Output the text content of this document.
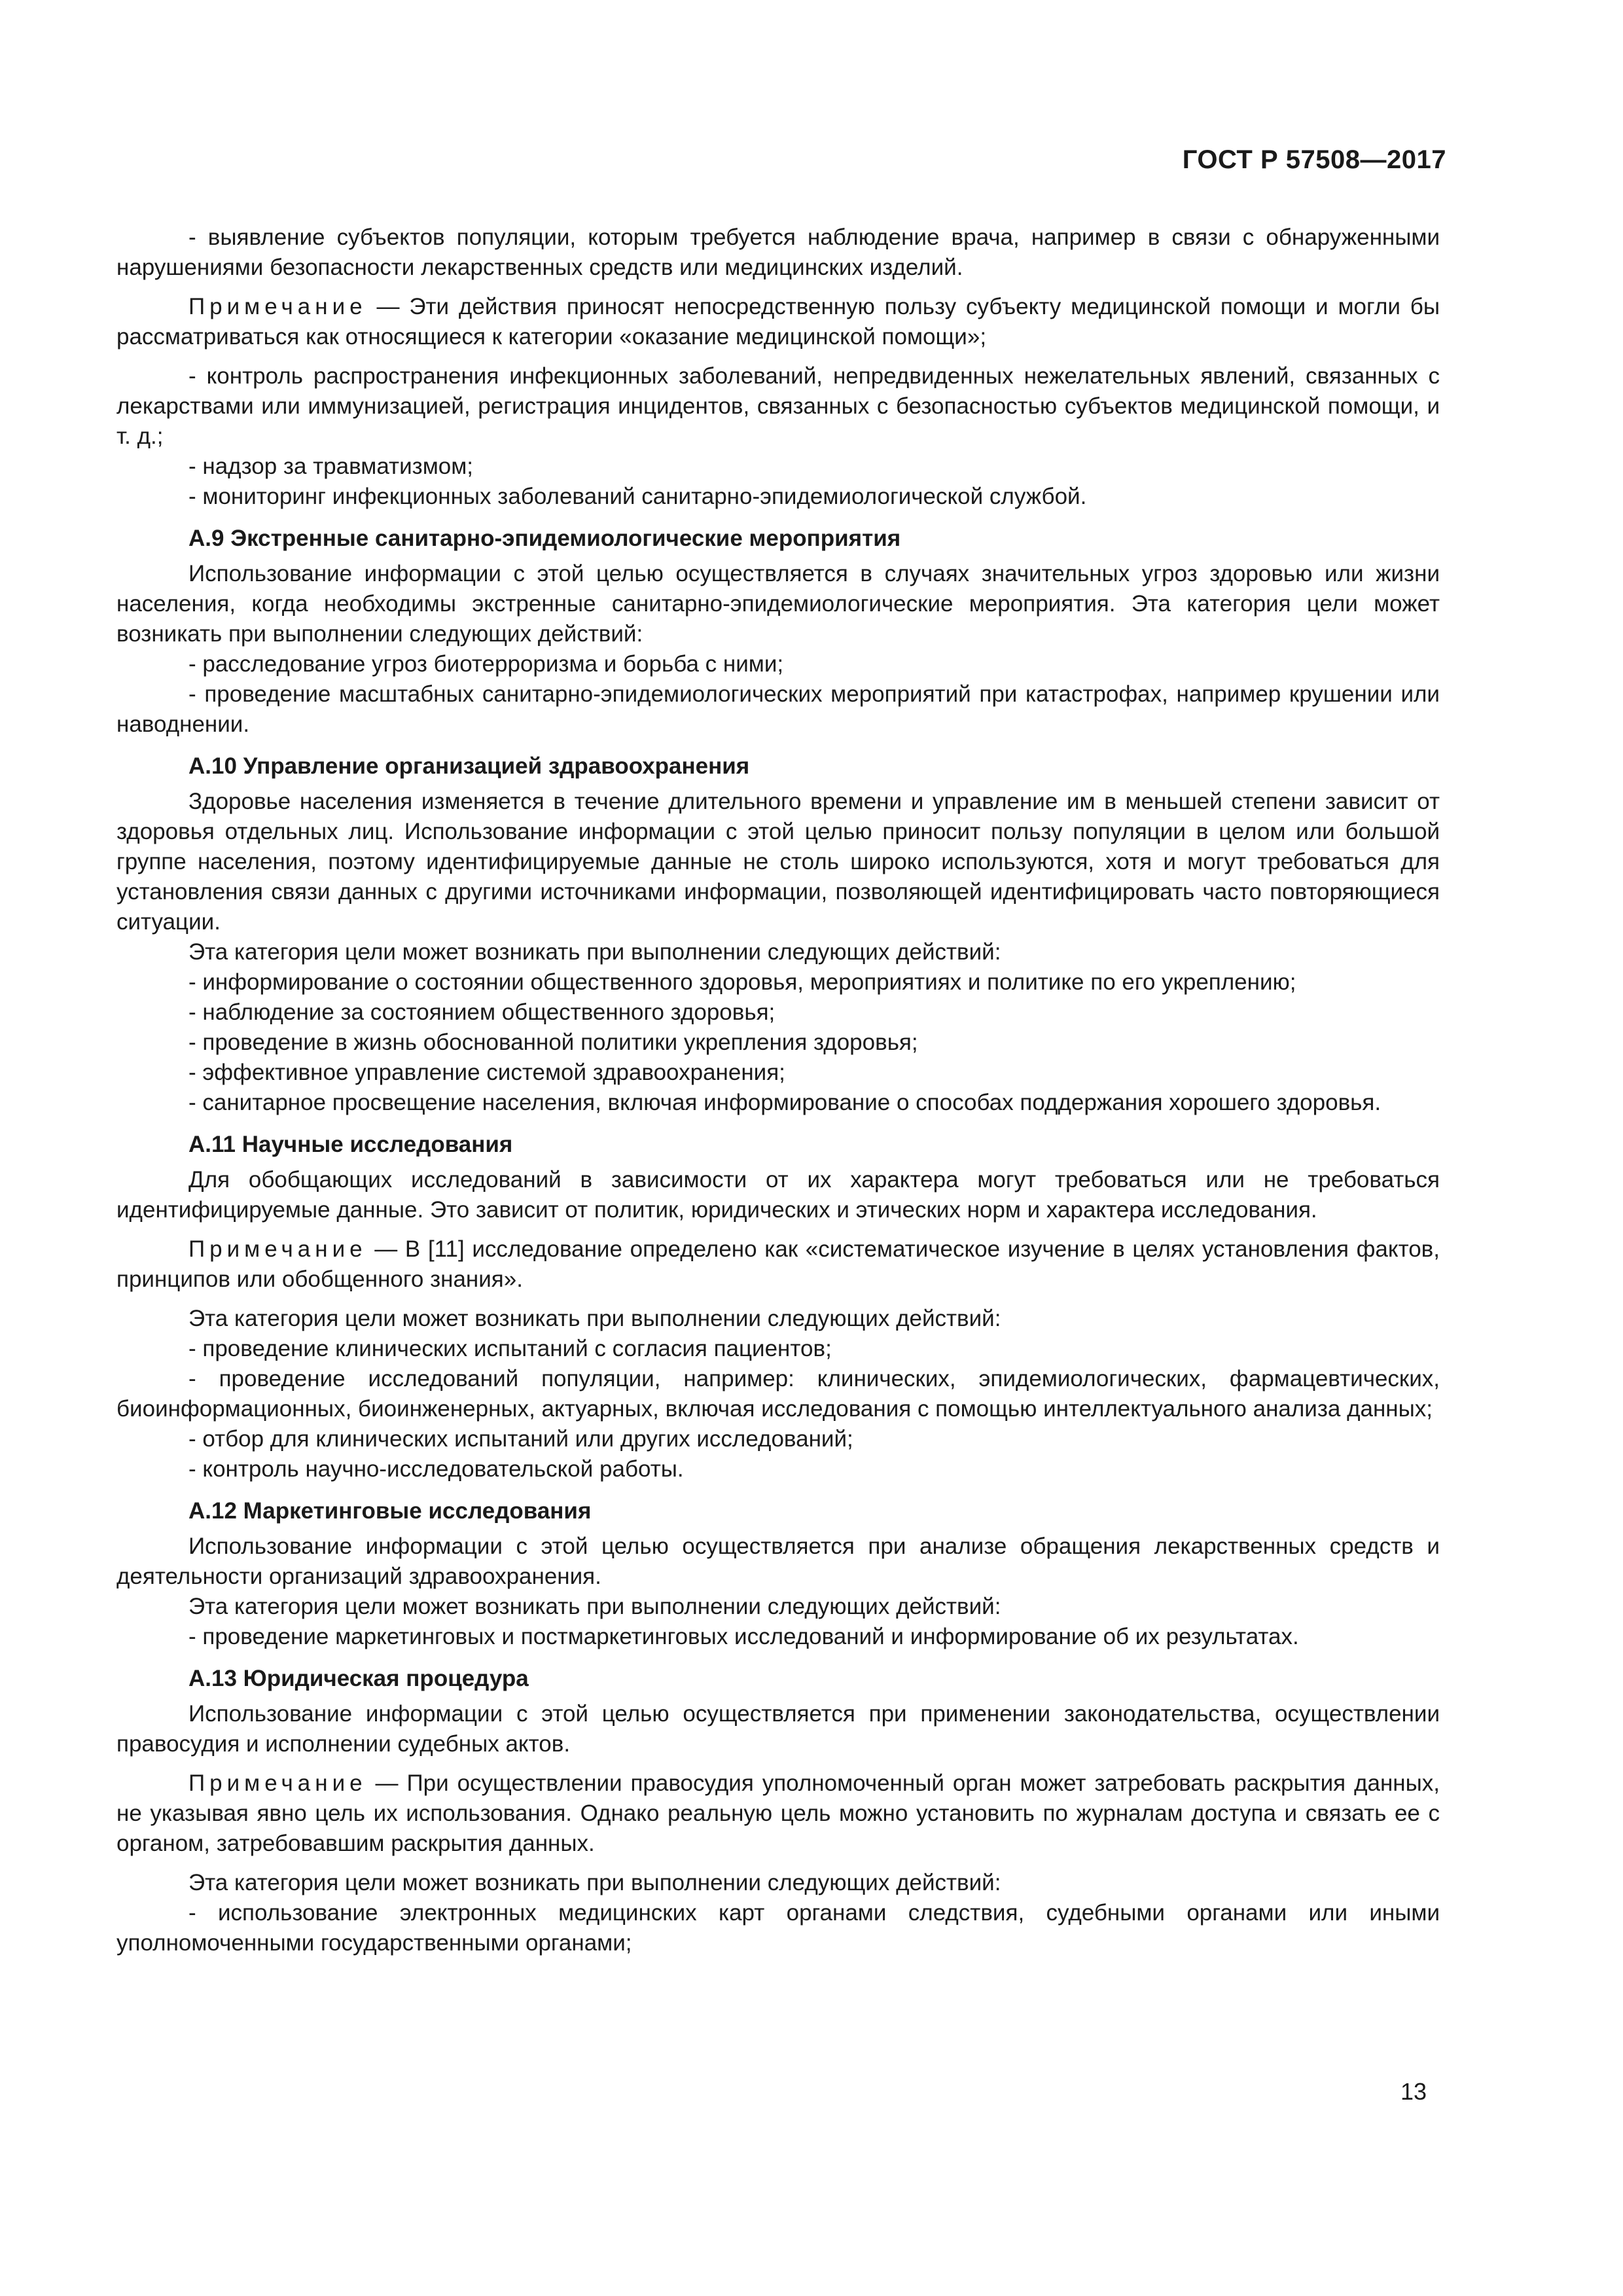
ГОСТ Р 57508—2017

- выявление субъектов популяции, которым требуется наблюдение врача, например в связи с обнаруженными нарушениями безопасности лекарственных средств или медицинских изделий.

Примечание — Эти действия приносят непосредственную пользу субъекту медицинской помощи и могли бы рассматриваться как относящиеся к категории «оказание медицинской помощи»;

- контроль распространения инфекционных заболеваний, непредвиденных нежелательных явлений, связанных с лекарствами или иммунизацией, регистрация инцидентов, связанных с безопасностью субъектов медицинской помощи, и т. д.;

- надзор за травматизмом;

- мониторинг инфекционных заболеваний санитарно-эпидемиологической службой.

А.9 Экстренные санитарно-эпидемиологические мероприятия

Использование информации с этой целью осуществляется в случаях значительных угроз здоровью или жизни населения, когда необходимы экстренные санитарно-эпидемиологические мероприятия. Эта категория цели может возникать при выполнении следующих действий:

- расследование угроз биотерроризма и борьба с ними;

- проведение масштабных санитарно-эпидемиологических мероприятий при катастрофах, например крушении или наводнении.

А.10 Управление организацией здравоохранения

Здоровье населения изменяется в течение длительного времени и управление им в меньшей степени зависит от здоровья отдельных лиц. Использование информации с этой целью приносит пользу популяции в целом или большой группе населения, поэтому идентифицируемые данные не столь широко используются, хотя и могут требоваться для установления связи данных с другими источниками информации, позволяющей идентифицировать часто повторяющиеся ситуации.

Эта категория цели может возникать при выполнении следующих действий:

- информирование о состоянии общественного здоровья, мероприятиях и политике по его укреплению;

- наблюдение за состоянием общественного здоровья;

- проведение в жизнь обоснованной политики укрепления здоровья;

- эффективное управление системой здравоохранения;

- санитарное просвещение населения, включая информирование о способах поддержания хорошего здоровья.

А.11 Научные исследования

Для обобщающих исследований в зависимости от их характера могут требоваться или не требоваться идентифицируемые данные. Это зависит от политик, юридических и этических норм и характера исследования.

Примечание — В [11] исследование определено как «систематическое изучение в целях установления фактов, принципов или обобщенного знания».

Эта категория цели может возникать при выполнении следующих действий:

- проведение клинических испытаний с согласия пациентов;

- проведение исследований популяции, например: клинических, эпидемиологических, фармацевтических, биоинформационных, биоинженерных, актуарных, включая исследования с помощью интеллектуального анализа данных;

- отбор для клинических испытаний или других исследований;

- контроль научно-исследовательской работы.

А.12 Маркетинговые исследования

Использование информации с этой целью осуществляется при анализе обращения лекарственных средств и деятельности организаций здравоохранения.

Эта категория цели может возникать при выполнении следующих действий:

- проведение маркетинговых и постмаркетинговых исследований и информирование об их результатах.

А.13 Юридическая процедура

Использование информации с этой целью осуществляется при применении законодательства, осуществлении правосудия и исполнении судебных актов.

Примечание — При осуществлении правосудия уполномоченный орган может затребовать раскрытия данных, не указывая явно цель их использования. Однако реальную цель можно установить по журналам доступа и связать ее с органом, затребовавшим раскрытия данных.

Эта категория цели может возникать при выполнении следующих действий:

- использование электронных медицинских карт органами следствия, судебными органами или иными уполномоченными государственными органами;

13
